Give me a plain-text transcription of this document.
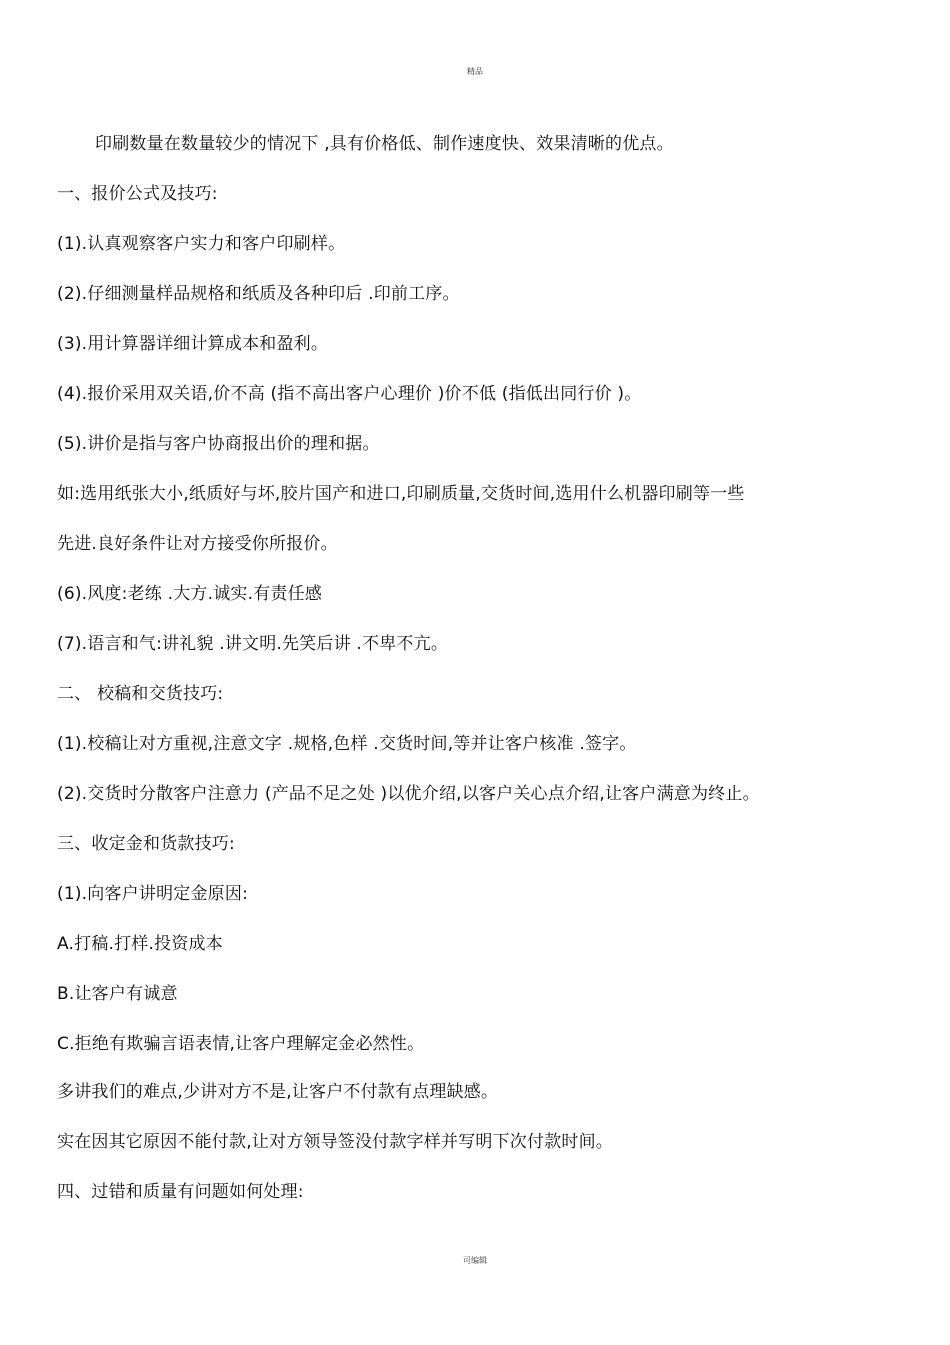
精品
印刷数量在数量较少的情况下 ,具有价格低、制作速度快、效果清晰的优点。
一、报价公式及技巧:
(1).认真观察客户实力和客户印刷样。
(2).仔细测量样品规格和纸质及各种印后 .印前工序。
(3).用计算器详细计算成本和盈利。
(4).报价采用双关语,价不高 (指不高出客户心理价 )价不低 (指低出同行价 )。
(5).讲价是指与客户协商报出价的理和据。
如:选用纸张大小,纸质好与坏,胶片国产和进口,印刷质量,交货时间,选用什么机器印刷等一些
先进.良好条件让对方接受你所报价。
(6).风度:老练 .大方.诚实.有责任感
(7).语言和气:讲礼貌 .讲文明.先笑后讲 .不卑不亢。
二、 校稿和交货技巧:
(1).校稿让对方重视,注意文字 .规格,色样 .交货时间,等并让客户核准 .签字。
(2).交货时分散客户注意力 (产品不足之处 )以优介绍,以客户关心点介绍,让客户满意为终止。
三、收定金和货款技巧:
(1).向客户讲明定金原因:
A.打稿.打样.投资成本
B.让客户有诚意
C.拒绝有欺骗言语表情,让客户理解定金必然性。
多讲我们的难点,少讲对方不是,让客户不付款有点理缺感。
实在因其它原因不能付款,让对方领导签没付款字样并写明下次付款时间。
四、过错和质量有问题如何处理:
可编辑
